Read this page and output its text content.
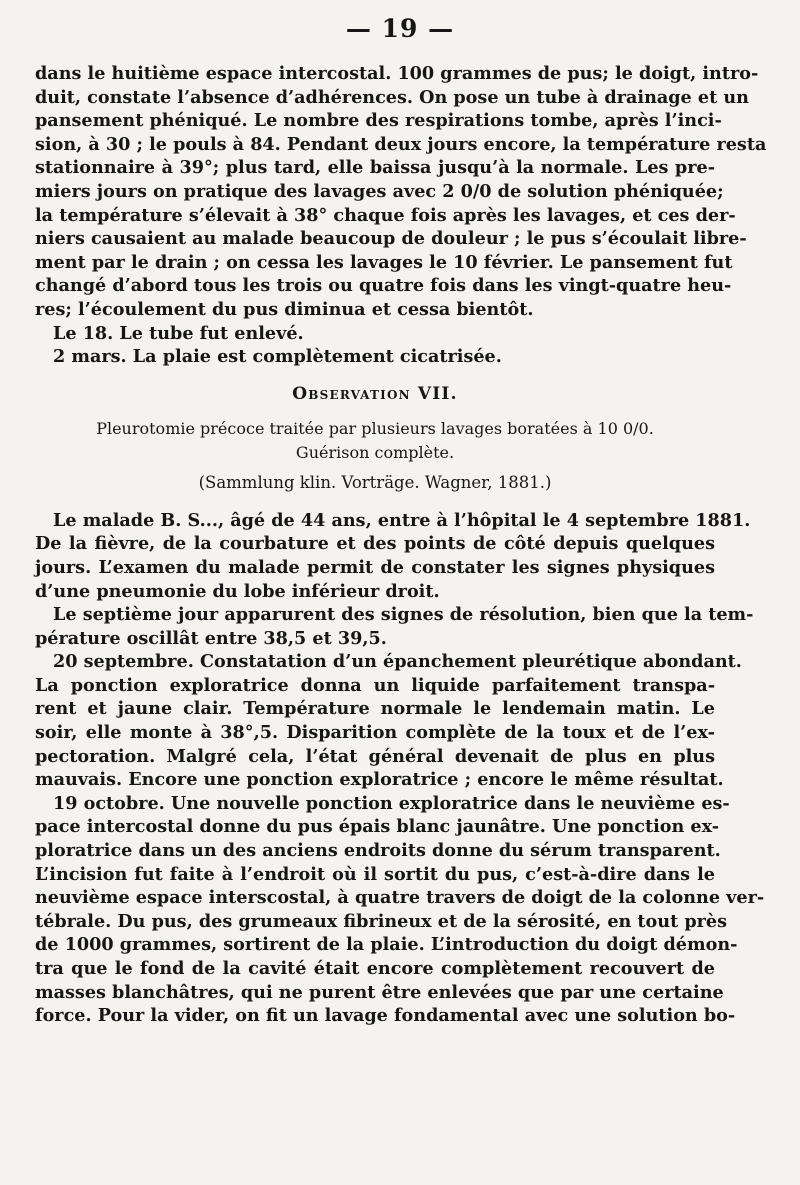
— 19 —
dans le huitième espace intercostal. 100 grammes de pus; le doigt, intro-
duit, constate l’absence d’adhérences. On pose un tube à drainage et un
pansement phéniqué. Le nombre des respirations tombe, après l’inci-
sion, à 30 ; le pouls à 84. Pendant deux jours encore, la température resta
stationnaire à 39°; plus tard, elle baissa jusqu’à la normale. Les pre-
miers jours on pratique des lavages avec 2 0/0 de solution phéniquée;
la température s’élevait à 38° chaque fois après les lavages, et ces der-
niers causaient au malade beaucoup de douleur ; le pus s’écoulait libre-
ment par le drain ; on cessa les lavages le 10 février. Le pansement fut
changé d’abord tous les trois ou quatre fois dans les vingt-quatre heu-
res; l’écoulement du pus diminua et cessa bientôt.
Le 18. Le tube fut enlevé.
2 mars. La plaie est complètement cicatrisée.
Observation VII.
Pleurotomie précoce traitée par plusieurs lavages boratées à 10 0/0.
Guérison complète.
(Sammlung klin. Vorträge. Wagner, 1881.)
Le malade B. S..., âgé de 44 ans, entre à l’hôpital le 4 septembre 1881.
De la fièvre, de la courbature et des points de côté depuis quelques
jours. L’examen du malade permit de constater les signes physiques
d’une pneumonie du lobe inférieur droit.
Le septième jour apparurent des signes de résolution, bien que la tem-
pérature oscillât entre 38,5 et 39,5.
20 septembre. Constatation d’un épanchement pleurétique abondant.
La ponction exploratrice donna un liquide parfaitement transpa-
rent et jaune clair. Température normale le lendemain matin. Le
soir, elle monte à 38°,5. Disparition complète de la toux et de l’ex-
pectoration. Malgré cela, l’état général devenait de plus en plus
mauvais. Encore une ponction exploratrice ; encore le même résultat.
19 octobre. Une nouvelle ponction exploratrice dans le neuvième es-
pace intercostal donne du pus épais blanc jaunâtre. Une ponction ex-
ploratrice dans un des anciens endroits donne du sérum transparent.
L’incision fut faite à l’endroit où il sortit du pus, c’est-à-dire dans le
neuvième espace interscostal, à quatre travers de doigt de la colonne ver-
tébrale. Du pus, des grumeaux fibrineux et de la sérosité, en tout près
de 1000 grammes, sortirent de la plaie. L’introduction du doigt démon-
tra que le fond de la cavité était encore complètement recouvert de
masses blanchâtres, qui ne purent être enlevées que par une certaine
force. Pour la vider, on fit un lavage fondamental avec une solution bo-
